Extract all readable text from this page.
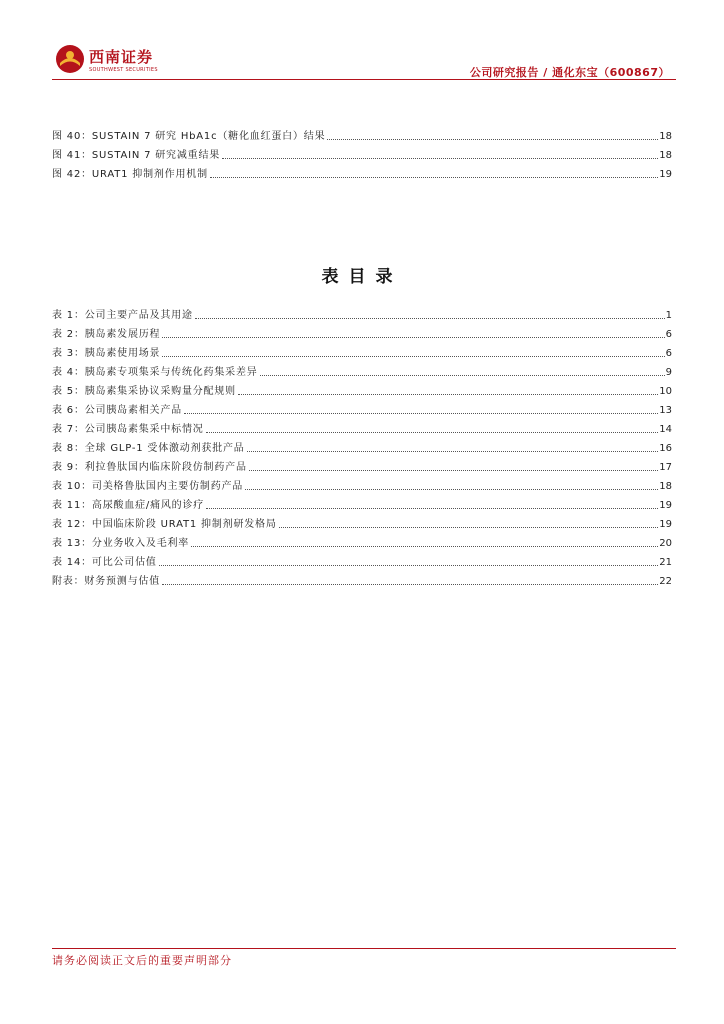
西南证券
SOUTHWEST SECURITIES	公司研究报告 / 通化东宝（600867）
图 40：SUSTAIN 7 研究 HbA1c（糖化血红蛋白）结果	18
图 41：SUSTAIN 7 研究减重结果	18
图 42：URAT1 抑制剂作用机制	19
表目录
表 1：公司主要产品及其用途	1
表 2：胰岛素发展历程	6
表 3：胰岛素使用场景	6
表 4：胰岛素专项集采与传统化药集采差异	9
表 5：胰岛素集采协议采购量分配规则	10
表 6：公司胰岛素相关产品	13
表 7：公司胰岛素集采中标情况	14
表 8：全球 GLP-1 受体激动剂获批产品	16
表 9：利拉鲁肽国内临床阶段仿制药产品	17
表 10：司美格鲁肽国内主要仿制药产品	18
表 11：高尿酸血症/痛风的诊疗	19
表 12：中国临床阶段 URAT1 抑制剂研发格局	19
表 13：分业务收入及毛利率	20
表 14：可比公司估值	21
附表：财务预测与估值	22
请务必阅读正文后的重要声明部分
